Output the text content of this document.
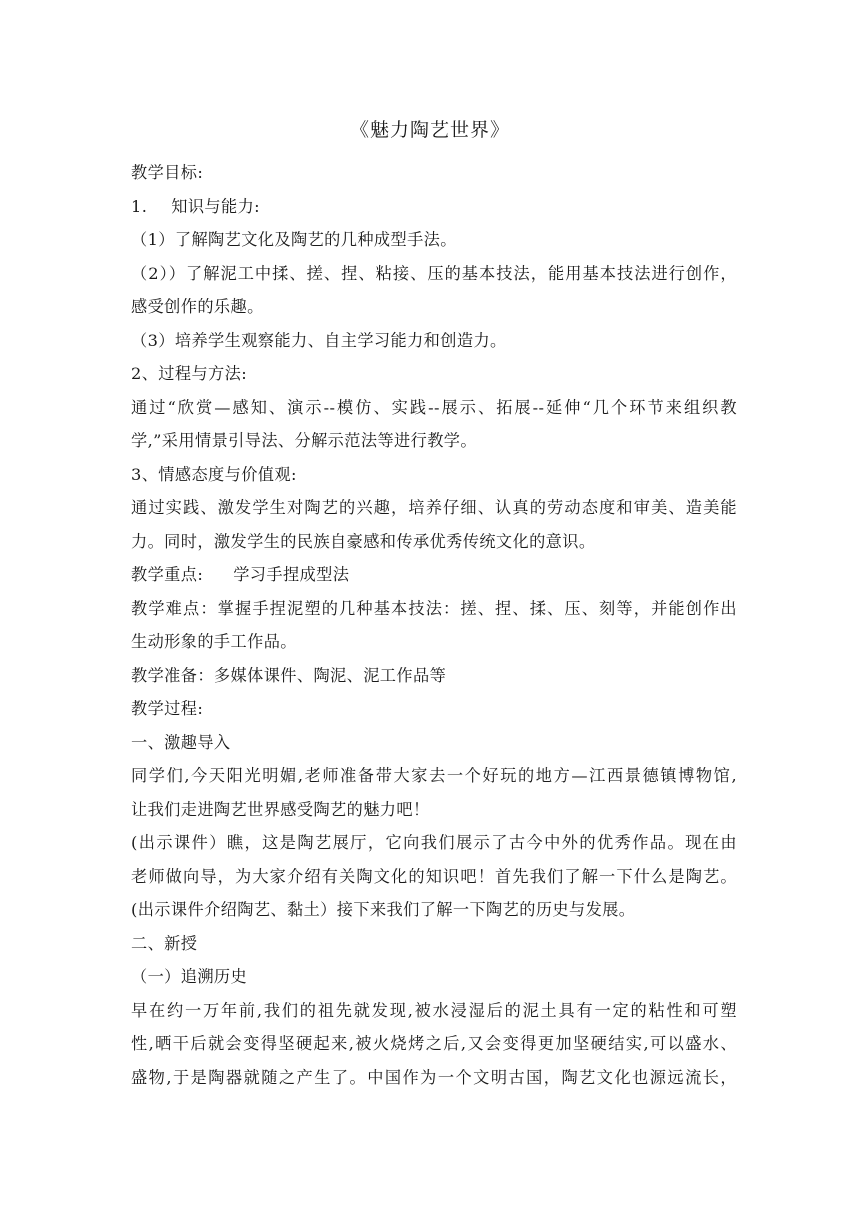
《魅力陶艺世界》
教学目标:
1. 知识与能力:
（1）了解陶艺文化及陶艺的几种成型手法。
（2））了解泥工中揉、搓、捏、粘接、压的基本技法，能用基本技法进行创作，
感受创作的乐趣。
（3）培养学生观察能力、自主学习能力和创造力。
2、过程与方法:
通过“欣赏—感知、演示--模仿、实践--展示、拓展--延伸“几个环节来组织教
学,”采用情景引导法、分解示范法等进行教学。
3、情感态度与价值观:
通过实践、激发学生对陶艺的兴趣，培养仔细、认真的劳动态度和审美、造美能
力。同时，激发学生的民族自豪感和传承优秀传统文化的意识。
教学重点: 学习手捏成型法
教学难点：掌握手捏泥塑的几种基本技法：搓、捏、揉、压、刻等，并能创作出
生动形象的手工作品。
教学准备：多媒体课件、陶泥、泥工作品等
教学过程:
一、激趣导入
同学们,今天阳光明媚,老师准备带大家去一个好玩的地方—江西景德镇博物馆,
让我们走进陶艺世界感受陶艺的魅力吧！
(出示课件）瞧，这是陶艺展厅，它向我们展示了古今中外的优秀作品。现在由
老师做向导，为大家介绍有关陶文化的知识吧！首先我们了解一下什么是陶艺。
(出示课件介绍陶艺、黏土）接下来我们了解一下陶艺的历史与发展。
二、新授
（一）追溯历史
早在约一万年前,我们的祖先就发现,被水浸湿后的泥土具有一定的粘性和可塑
性,晒干后就会变得坚硬起来,被火烧烤之后,又会变得更加坚硬结实,可以盛水、
盛物,于是陶器就随之产生了。中国作为一个文明古国，陶艺文化也源远流长，
